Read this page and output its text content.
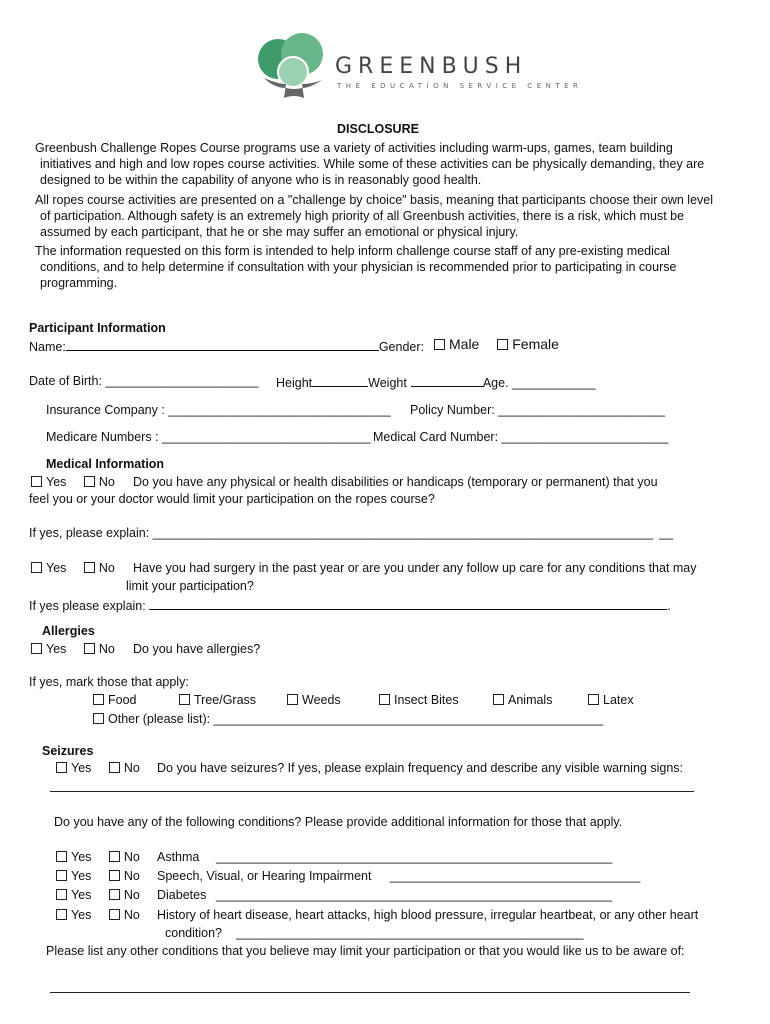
GREENBUSH
THE EDUCATION SERVICE CENTER
DISCLOSURE
Greenbush Challenge Ropes Course programs use a variety of activities including warm-ups, games, team building
initiatives and high and low ropes course activities. While some of these activities can be physically demanding, they are
designed to be within the capability of anyone who is in reasonably good health.
All ropes course activities are presented on a "challenge by choice" basis, meaning that participants choose their own level
of participation. Although safety is an extremely high priority of all Greenbush activities, there is a risk, which must be
assumed by each participant, that he or she may suffer an emotional or physical injury.
The information requested on this form is intended to help inform challenge course staff of any pre-existing medical
conditions, and to help determine if consultation with your physician is recommended prior to participating in course
programming.
Participant Information
Name:	Gender:	Male Female
Date of Birth: ______________________ Height	Weight	Age. ____________
Insurance Company : ________________________________ Policy Number: ________________________
Medicare Numbers : ______________________________ Medical Card Number: ________________________
Medical Information
Yes	No Do you have any physical or health disabilities or handicaps (temporary or permanent) that you
feel you or your doctor would limit your participation on the ropes course?
If yes, please explain: ________________________________________________________________________ __
Yes	No Have you had surgery in the past year or are you under any follow up care for any conditions that may
limit your participation?
If yes please explain:	.
Allergies
Yes	No Do you have allergies?
If yes, mark those that apply:
Food	Tree/Grass	Weeds	Insect Bites	Animals	Latex
Other (please list): ________________________________________________________
Seizures
Yes	No Do you have seizures? If yes, please explain frequency and describe any visible warning signs:
Do you have any of the following conditions? Please provide additional information for those that apply.
Yes	No Asthma _________________________________________________________
Yes	No Speech, Visual, or Hearing Impairment ____________________________________
Yes	No Diabetes _________________________________________________________
Yes	No History of heart disease, heart attacks, high blood pressure, irregular heartbeat, or any other heart
condition? __________________________________________________
Please list any other conditions that you believe may limit your participation or that you would like us to be aware of:
